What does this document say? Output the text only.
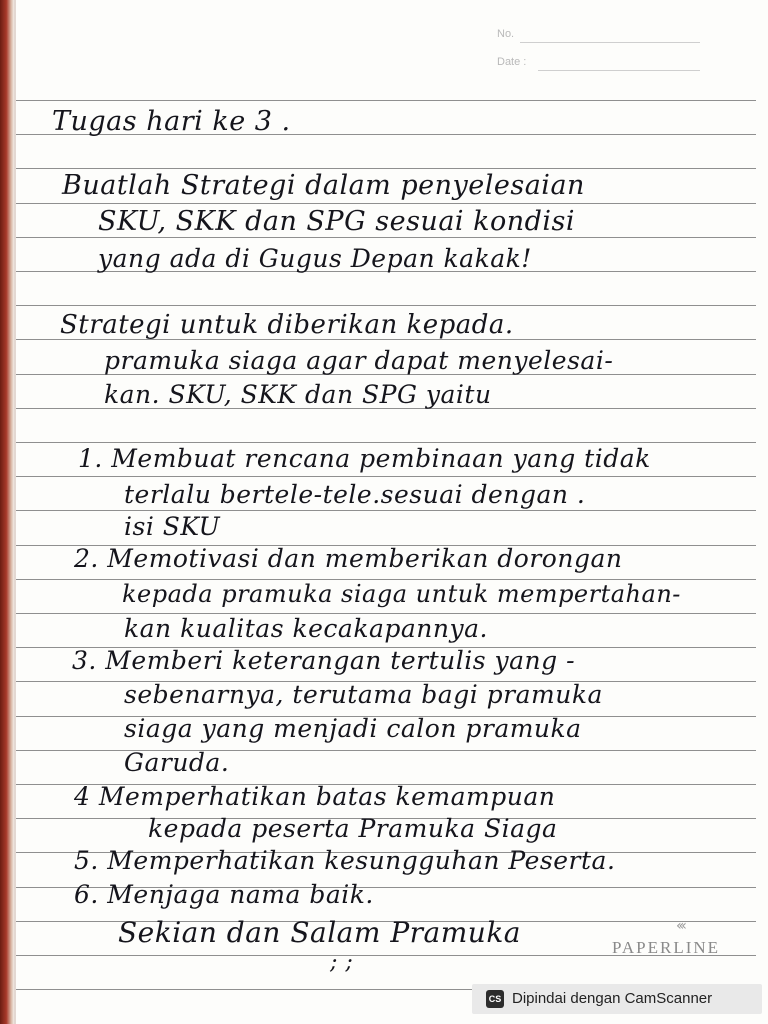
No.
Date :
Tugas hari ke 3 .
Buatlah Strategi dalam penyelesaian
SKU, SKK dan SPG sesuai kondisi
yang ada di Gugus Depan kakak!
Strategi untuk diberikan kepada.
pramuka siaga agar dapat menyelesai-
kan. SKU, SKK dan SPG yaitu
1. Membuat rencana pembinaan yang tidak
terlalu bertele-tele.sesuai dengan .
isi SKU
2. Memotivasi dan memberikan dorongan
kepada pramuka siaga untuk mempertahan-
kan kualitas kecakapannya.
3. Memberi keterangan tertulis yang -
sebenarnya, terutama bagi pramuka
siaga yang menjadi calon pramuka
Garuda.
4 Memperhatikan batas kemampuan
kepada peserta Pramuka Siaga
5. Memperhatikan kesungguhan Peserta.
6. Menjaga nama baik.
Sekian dan Salam Pramuka
; ;
‹‹‹
PAPERLINE
CS Dipindai dengan CamScanner
